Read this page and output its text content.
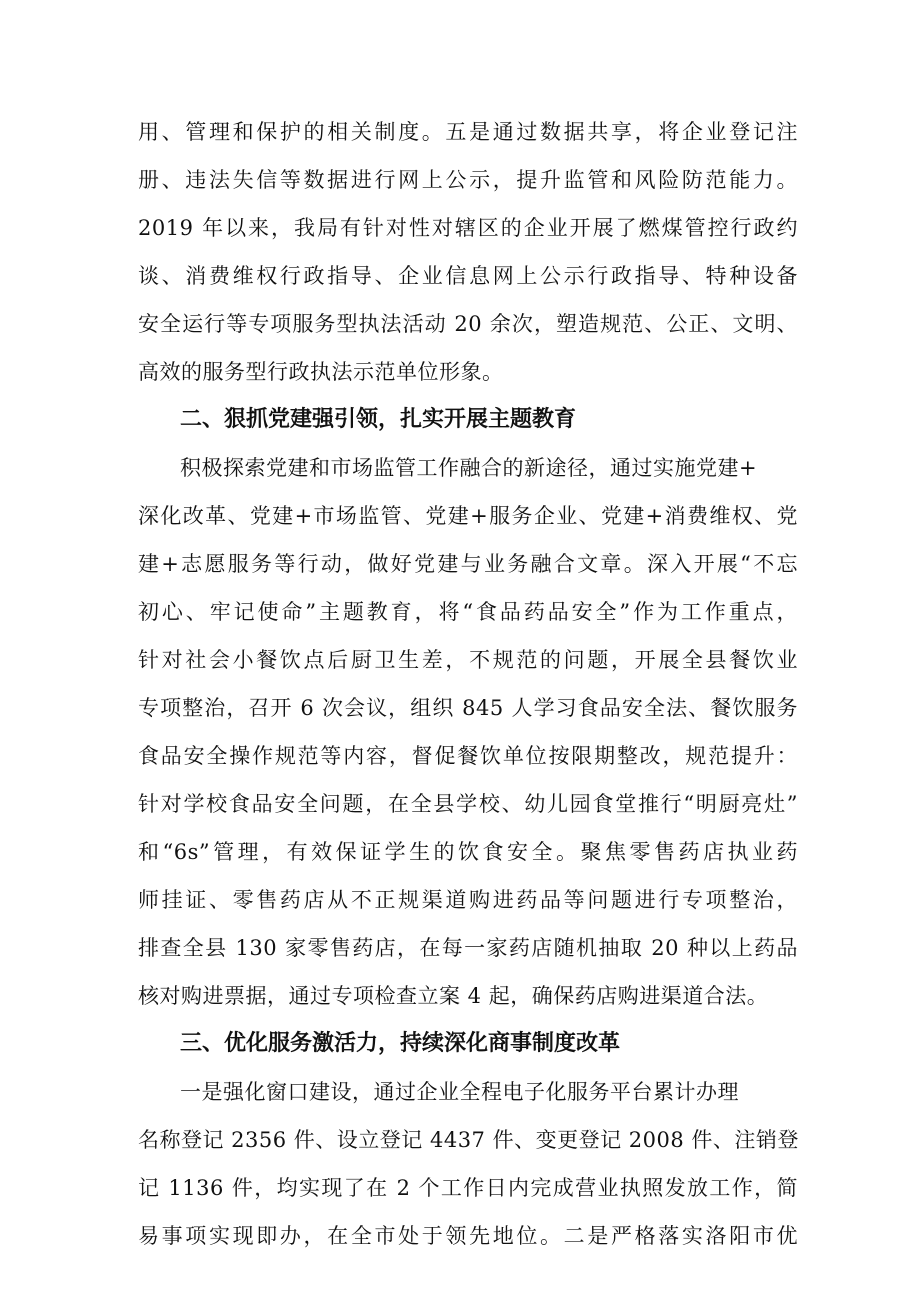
用、管理和保护的相关制度。五是通过数据共享，将企业登记注
册、违法失信等数据进行网上公示，提升监管和风险防范能力。
2019 年以来，我局有针对性对辖区的企业开展了燃煤管控行政约
谈、消费维权行政指导、企业信息网上公示行政指导、特种设备
安全运行等专项服务型执法活动 20 余次，塑造规范、公正、文明、
高效的服务型行政执法示范单位形象。
二、狠抓党建强引领，扎实开展主题教育
积极探索党建和市场监管工作融合的新途径，通过实施党建+
深化改革、党建+市场监管、党建+服务企业、党建+消费维权、党
建+志愿服务等行动，做好党建与业务融合文章。深入开展“不忘
初心、牢记使命”主题教育，将“食品药品安全”作为工作重点，
针对社会小餐饮点后厨卫生差，不规范的问题，开展全县餐饮业
专项整治，召开 6 次会议，组织 845 人学习食品安全法、餐饮服务
食品安全操作规范等内容，督促餐饮单位按限期整改，规范提升：
针对学校食品安全问题，在全县学校、幼儿园食堂推行“明厨亮灶”
和“6s”管理，有效保证学生的饮食安全。聚焦零售药店执业药
师挂证、零售药店从不正规渠道购进药品等问题进行专项整治，
排查全县 130 家零售药店，在每一家药店随机抽取 20 种以上药品
核对购进票据，通过专项检查立案 4 起，确保药店购进渠道合法。
三、优化服务激活力，持续深化商事制度改革
一是强化窗口建设，通过企业全程电子化服务平台累计办理
名称登记 2356 件、设立登记 4437 件、变更登记 2008 件、注销登
记 1136 件，均实现了在 2 个工作日内完成营业执照发放工作，简
易事项实现即办，在全市处于领先地位。二是严格落实洛阳市优
